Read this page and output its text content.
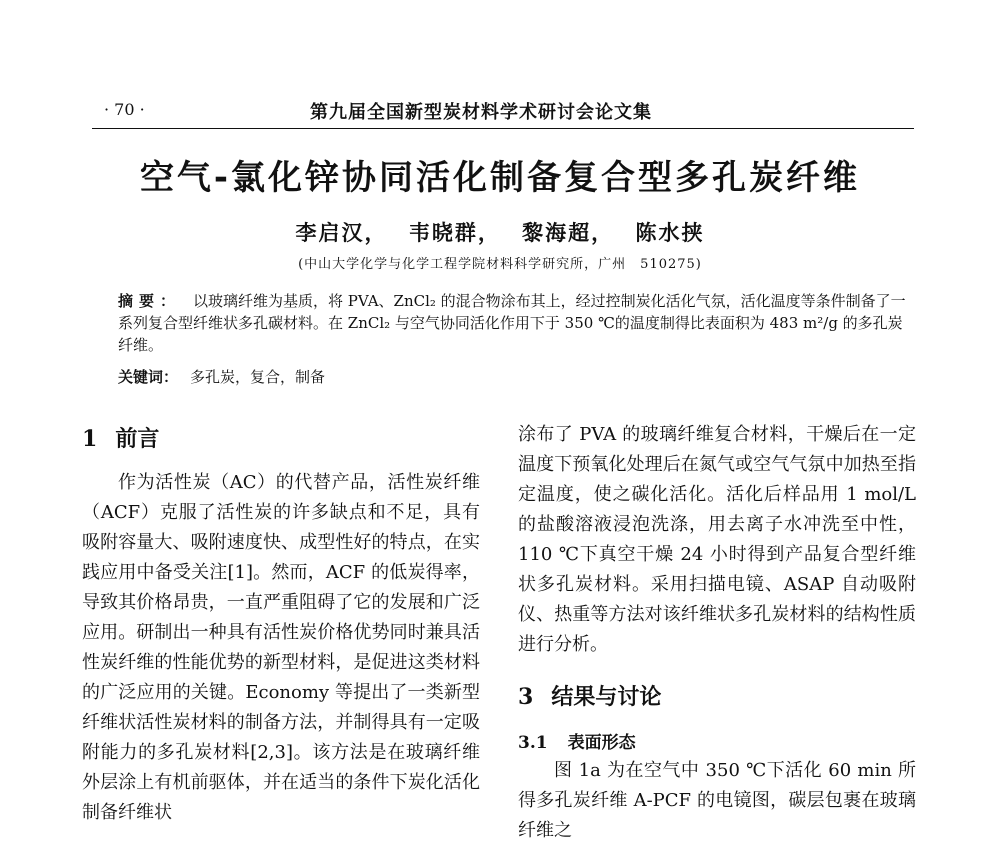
· 70 ·	第九届全国新型炭材料学术研讨会论文集
空气-氯化锌协同活化制备复合型多孔炭纤维
李启汉， 韦晓群， 黎海超， 陈水挟
(中山大学化学与化学工程学院材料科学研究所，广州　510275)
摘要： 以玻璃纤维为基质，将 PVA、ZnCl₂ 的混合物涂布其上，经过控制炭化活化气氛，活化温度等条件制备了一系列复合型纤维状多孔碳材料。在 ZnCl₂ 与空气协同活化作用下于 350 ℃的温度制得比表面积为 483 m²/g 的多孔炭纤维。
关键词： 多孔炭，复合，制备
1 前言

作为活性炭（AC）的代替产品，活性炭纤维（ACF）克服了活性炭的许多缺点和不足，具有吸附容量大、吸附速度快、成型性好的特点，在实践应用中备受关注[1]。然而，ACF 的低炭得率，导致其价格昂贵，一直严重阻碍了它的发展和广泛应用。研制出一种具有活性炭价格优势同时兼具活性炭纤维的性能优势的新型材料，是促进这类材料的广泛应用的关键。Economy 等提出了一类新型纤维状活性炭材料的制备方法，并制得具有一定吸附能力的多孔炭材料[2,3]。该方法是在玻璃纤维外层涂上有机前驱体，并在适当的条件下炭化活化制备纤维状

涂布了 PVA 的玻璃纤维复合材料，干燥后在一定温度下预氧化处理后在氮气或空气气氛中加热至指定温度，使之碳化活化。活化后样品用 1 mol/L 的盐酸溶液浸泡洗涤，用去离子水冲洗至中性，110 ℃下真空干燥 24 小时得到产品复合型纤维状多孔炭材料。采用扫描电镜、ASAP 自动吸附仪、热重等方法对该纤维状多孔炭材料的结构性质进行分析。

3 结果与讨论
3.1 表面形态

图 1a 为在空气中 350 ℃下活化 60 min 所得多孔炭纤维 A-PCF 的电镜图，碳层包裹在玻璃纤维之
